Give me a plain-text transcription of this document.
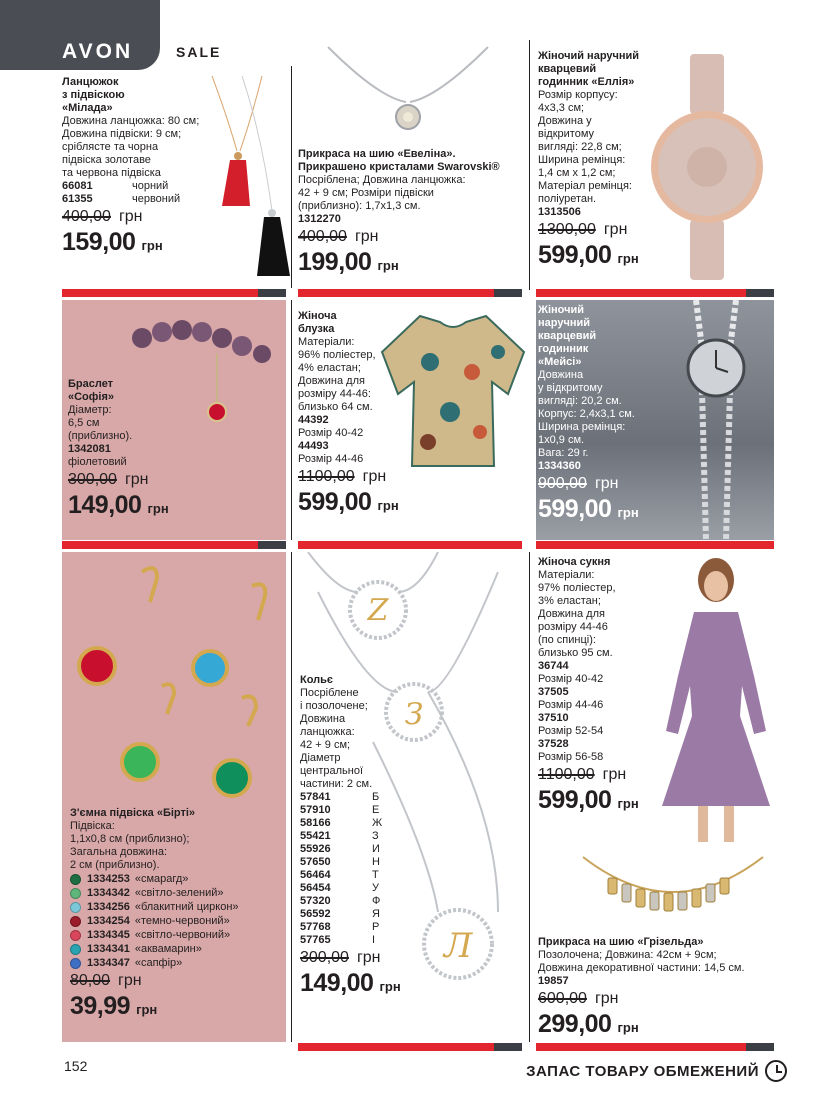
AVON	SALE
Ланцюжок
з підвіскою
«Мілада»
Довжина ланцюжка: 80 см;
Довжина підвіски: 9 см;
сріблясте та чорна
підвіска золотаве
та червона підвіска
66081	чорний
61355	червоний
400,00 грн
159,00 грн
Прикраса на шию «Евеліна».
Прикрашено кристалами Swarovski®
Посріблена; Довжина ланцюжка:
42 + 9 см; Розміри підвіски
(приблизно): 1,7x1,3 см.
1312270
400,00 грн
199,00 грн
Жіночий наручний
кварцевий
годинник «Еллія»
Розмір корпусу:
4x3,3 см;
Довжина у
відкритому
вигляді: 22,8 см;
Ширина ремінця:
1,4 см x 1,2 см;
Матеріал ремінця:
поліуретан.
1313506
1300,00 грн
599,00 грн
Браслет
«Софія»
Діаметр:
6,5 см
(приблизно).
1342081
фіолетовий
300,00 грн
149,00 грн
Жіноча
блузка
Матеріали:
96% поліестер,
4% еластан;
Довжина для
розміру 44-46:
близько 64 см.
44392
Розмір 40-42
44493
Розмір 44-46
1100,00 грн
599,00 грн
Жіночий
наручний
кварцевий
годинник
«Мейсі»
Довжина
у відкритому
вигляді: 20,2 см.
Корпус: 2,4x3,1 см.
Ширина ремінця:
1x0,9 см.
Вага: 29 г.
1334360
900,00 грн
599,00 грн
З'ємна підвіска «Бірті»
Підвіска:
1,1x0,8 см (приблизно);
Загальна довжина:
2 см (приблизно).
1334253 «смарагд»
1334342 «світло-зелений»
1334256 «блакитний циркон»
1334254 «темно-червоний»
1334345 «світло-червоний»
1334341 «аквамарин»
1334347 «сапфір»
80,00 грн
39,99 грн
Z
З
Л
Кольє
Посріблене
і позолочене;
Довжина
ланцюжка:
42 + 9 см;
Діаметр
центральної
частини: 2 см.
57841	Б
57910	Е
58166	Ж
55421	З
55926	И
57650	Н
56464	Т
56454	У
57320	Ф
56592	Я
57768	Р
57765	І
300,00 грн
149,00 грн
Жіноча сукня
Матеріали:
97% поліестер,
3% еластан;
Довжина для
розміру 44-46
(по спинці):
близько 95 см.
36744
Розмір 40-42
37505
Розмір 44-46
37510
Розмір 52-54
37528
Розмір 56-58
1100,00 грн
599,00 грн
Прикраса на шию «Грізельда»
Позолочена; Довжина: 42см + 9см;
Довжина декоративної частини: 14,5 см.
19857
600,00 грн
299,00 грн
152	ЗАПАС ТОВАРУ ОБМЕЖЕНИЙ
